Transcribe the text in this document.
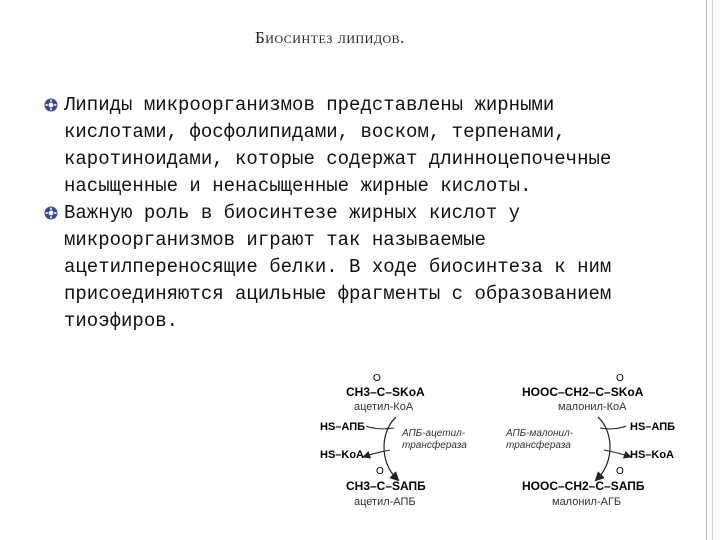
Биосинтез липидов.
Липиды микроорганизмов представлены жирными кислотами, фосфолипидами, воском, терпенами, каротиноидами, которые содержат длинноцепочечные насыщенные и ненасыщенные жирные кислоты.
Важную роль в биосинтезе жирных кислот у микроорганизмов играют так называемые ацетилпереносящие белки. В ходе биосинтеза к ним присоединяются ацильные фрагменты с образованием тиоэфиров.
O
CH3–C–SKoA
ацетил-КоА
HS–АПБ
HS–KoA
АПБ-ацетил-
трансфераза
O
CH3–C–SАПБ
ацетил-АПБ
O
HOOC–CH2–C–SKoA
малонил-КоА
HS–АПБ
HS–KoA
АПБ-малонил-
трансфераза
O
HOOC–CH2–C–SАПБ
малонил-АГБ
